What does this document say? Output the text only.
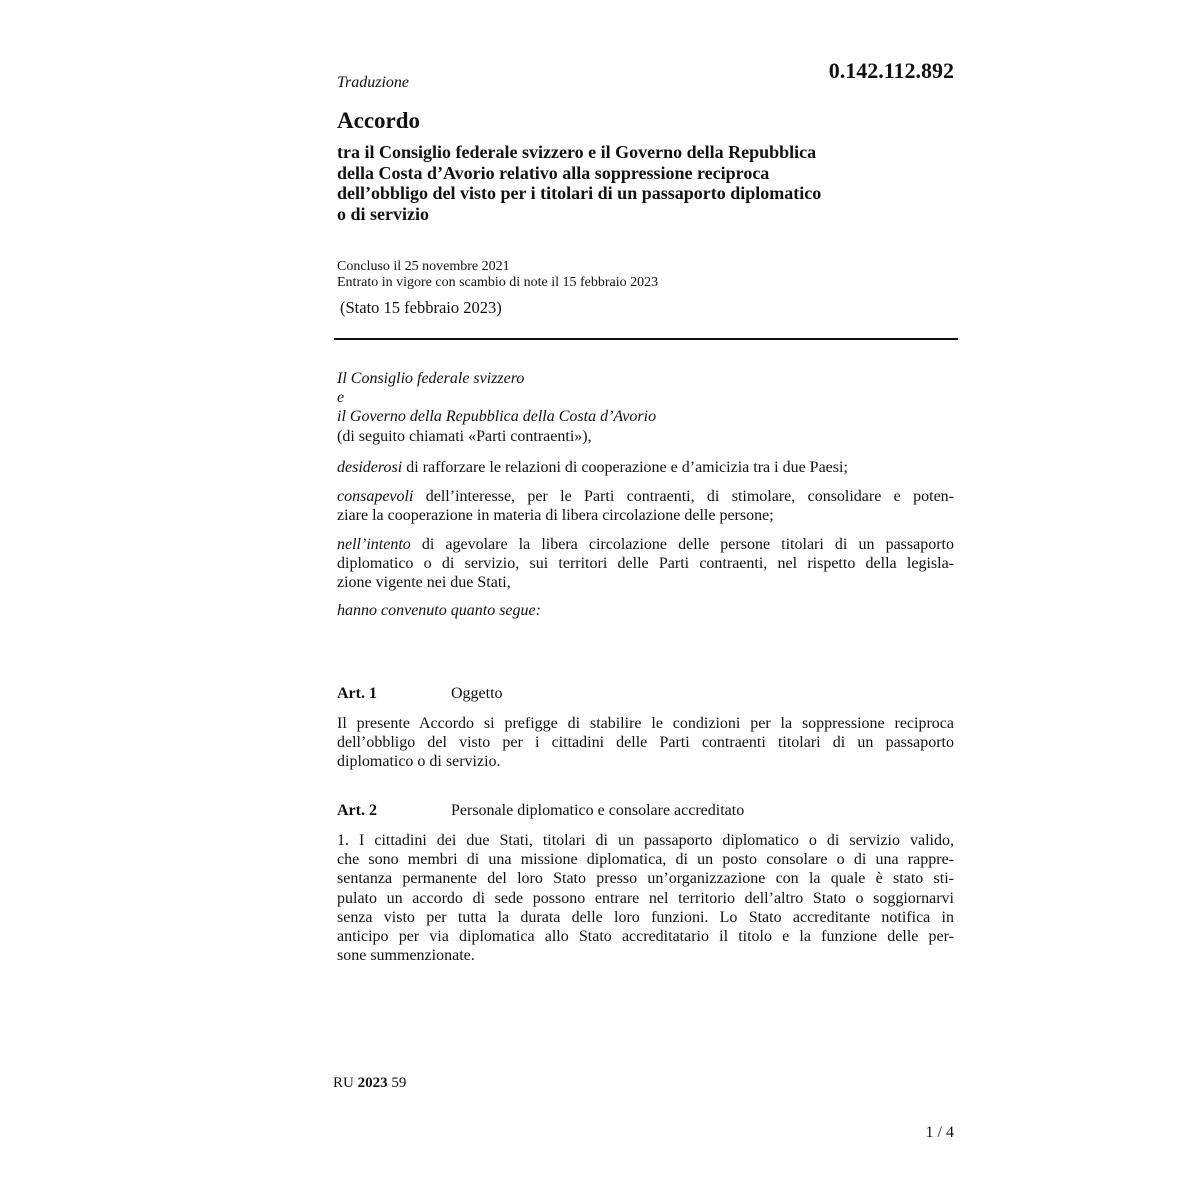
0.142.112.892
Traduzione
Accordo
tra il Consiglio federale svizzero e il Governo della Repubblica
della Costa d’Avorio relativo alla soppressione reciproca
dell’obbligo del visto per i titolari di un passaporto diplomatico
o di servizio
Concluso il 25 novembre 2021
Entrato in vigore con scambio di note il 15 febbraio 2023
(Stato 15 febbraio 2023)
Il Consiglio federale svizzero
e
il Governo della Repubblica della Costa d’Avorio
(di seguito chiamati «Parti contraenti»),
desiderosi di rafforzare le relazioni di cooperazione e d’amicizia tra i due Paesi;
consapevoli dell’interesse, per le Parti contraenti, di stimolare, consolidare e poten-
ziare la cooperazione in materia di libera circolazione delle persone;
nell’intento di agevolare la libera circolazione delle persone titolari di un passaporto
diplomatico o di servizio, sui territori delle Parti contraenti, nel rispetto della legisla-
zione vigente nei due Stati,
hanno convenuto quanto segue:
Art. 1	Oggetto
Il presente Accordo si prefigge di stabilire le condizioni per la soppressione reciproca
dell’obbligo del visto per i cittadini delle Parti contraenti titolari di un passaporto
diplomatico o di servizio.
Art. 2	Personale diplomatico e consolare accreditato
1. I cittadini dei due Stati, titolari di un passaporto diplomatico o di servizio valido,
che sono membri di una missione diplomatica, di un posto consolare o di una rappre-
sentanza permanente del loro Stato presso un’organizzazione con la quale è stato sti-
pulato un accordo di sede possono entrare nel territorio dell’altro Stato o soggiornarvi
senza visto per tutta la durata delle loro funzioni. Lo Stato accreditante notifica in
anticipo per via diplomatica allo Stato accreditatario il titolo e la funzione delle per-
sone summenzionate.
RU 2023 59
1 / 4
